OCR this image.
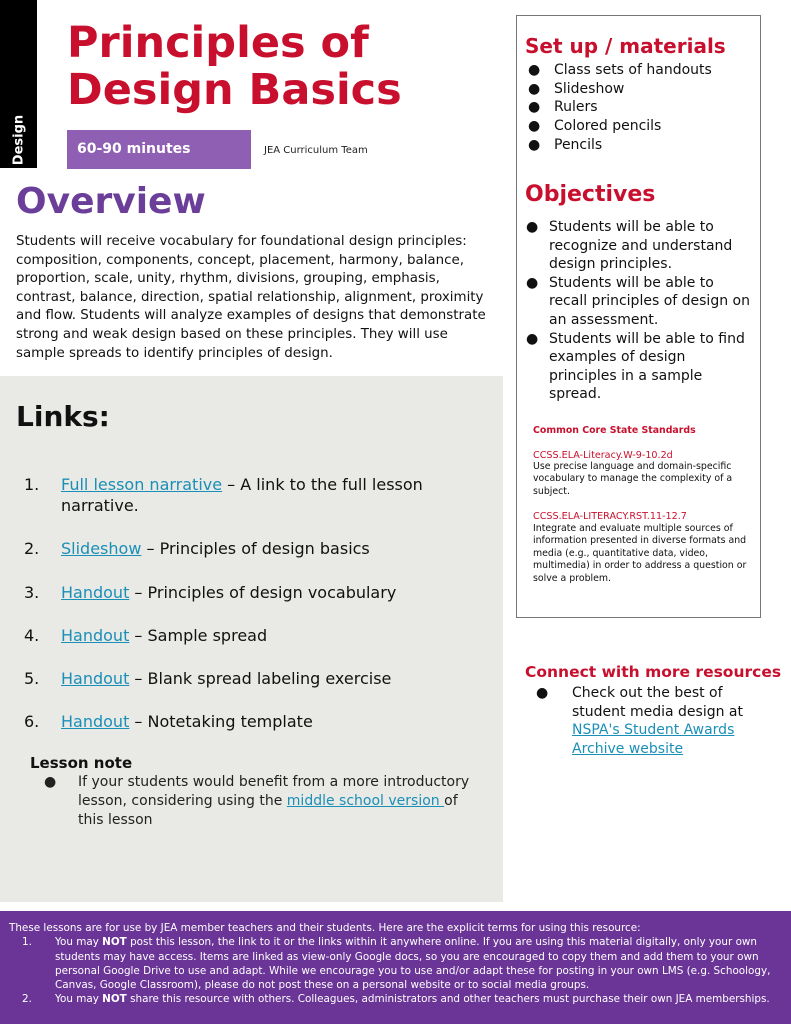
Design
Principles of Design Basics
60-90 minutes	JEA Curriculum Team
Overview

Students will receive vocabulary for foundational design principles: composition, components, concept, placement, harmony, balance, proportion, scale, unity, rhythm, divisions, grouping, emphasis, contrast, balance, direction, spatial relationship, alignment, proximity and flow. Students will analyze examples of designs that demonstrate strong and weak design based on these principles. They will use sample spreads to identify principles of design.

Links:
1.	Full lesson narrative – A link to the full lesson narrative.
2.	Slideshow – Principles of design basics
3.	Handout – Principles of design vocabulary
4.	Handout – Sample spread
5.	Handout – Blank spread labeling exercise
6.	Handout – Notetaking template
Lesson note
●	If your students would benefit from a more introductory lesson, considering using the middle school version of this lesson
Set up / materials
● Class sets of handouts
● Slideshow
● Rulers
● Colored pencils
● Pencils
Objectives
● Students will be able to recognize and understand design principles.
● Students will be able to recall principles of design on an assessment.
● Students will be able to find examples of design principles in a sample spread.
Common Core State Standards
CCSS.ELA-Literacy.W-9-10.2d
Use precise language and domain-specific vocabulary to manage the complexity of a subject.
CCSS.ELA-LITERACY.RST.11-12.7
Integrate and evaluate multiple sources of information presented in diverse formats and media (e.g., quantitative data, video, multimedia) in order to address a question or solve a problem.
Connect with more resources
●	Check out the best of student media design at NSPA's Student Awards Archive website
These lessons are for use by JEA member teachers and their students. Here are the explicit terms for using this resource:
1.	You may NOT post this lesson, the link to it or the links within it anywhere online. If you are using this material digitally, only your own students may have access. Items are linked as view-only Google docs, so you are encouraged to copy them and add them to your own personal Google Drive to use and adapt. While we encourage you to use and/or adapt these for posting in your own LMS (e.g. Schoology, Canvas, Google Classroom), please do not post these on a personal website or to social media groups.
2.	You may NOT share this resource with others. Colleagues, administrators and other teachers must purchase their own JEA memberships.
